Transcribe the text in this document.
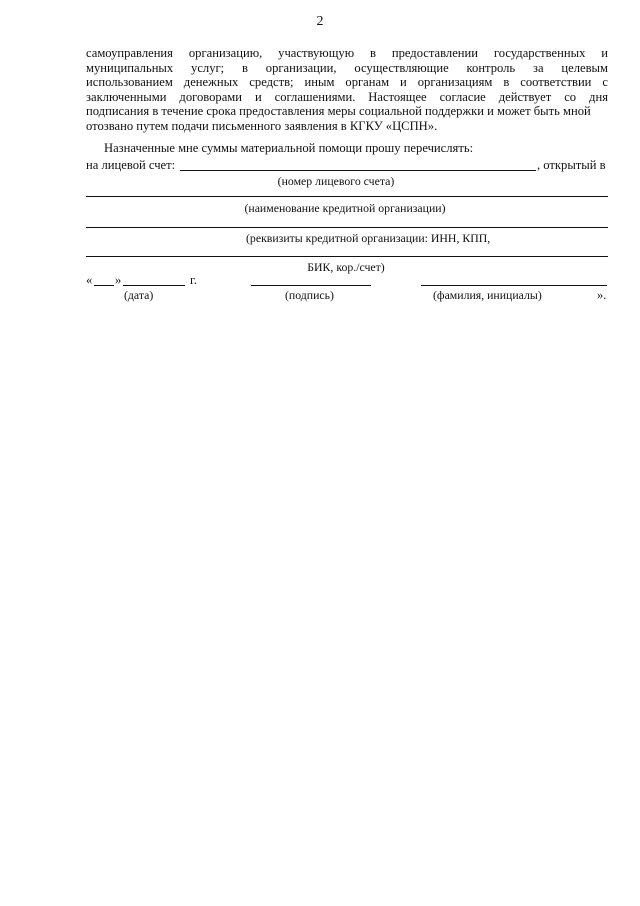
2
самоуправления организацию, участвующую в предоставлении государственных и
муниципальных услуг; в организации, осуществляющие контроль за целевым
использованием денежных средств; иным органам и организациям в соответствии с
заключенными договорами и соглашениями. Настоящее согласие действует со дня
подписания в течение срока предоставления меры социальной поддержки и может быть мной
отозвано путем подачи письменного заявления в КГКУ «ЦСПН».
Назначенные мне суммы материальной помощи прошу перечислять:
на лицевой счет:	, открытый в
(номер лицевого счета)
(наименование кредитной организации)
(реквизиты кредитной организации: ИНН, КПП,
БИК, кор./счет)
« »	г.
(дата)	(подпись)	(фамилия, инициалы)	».
